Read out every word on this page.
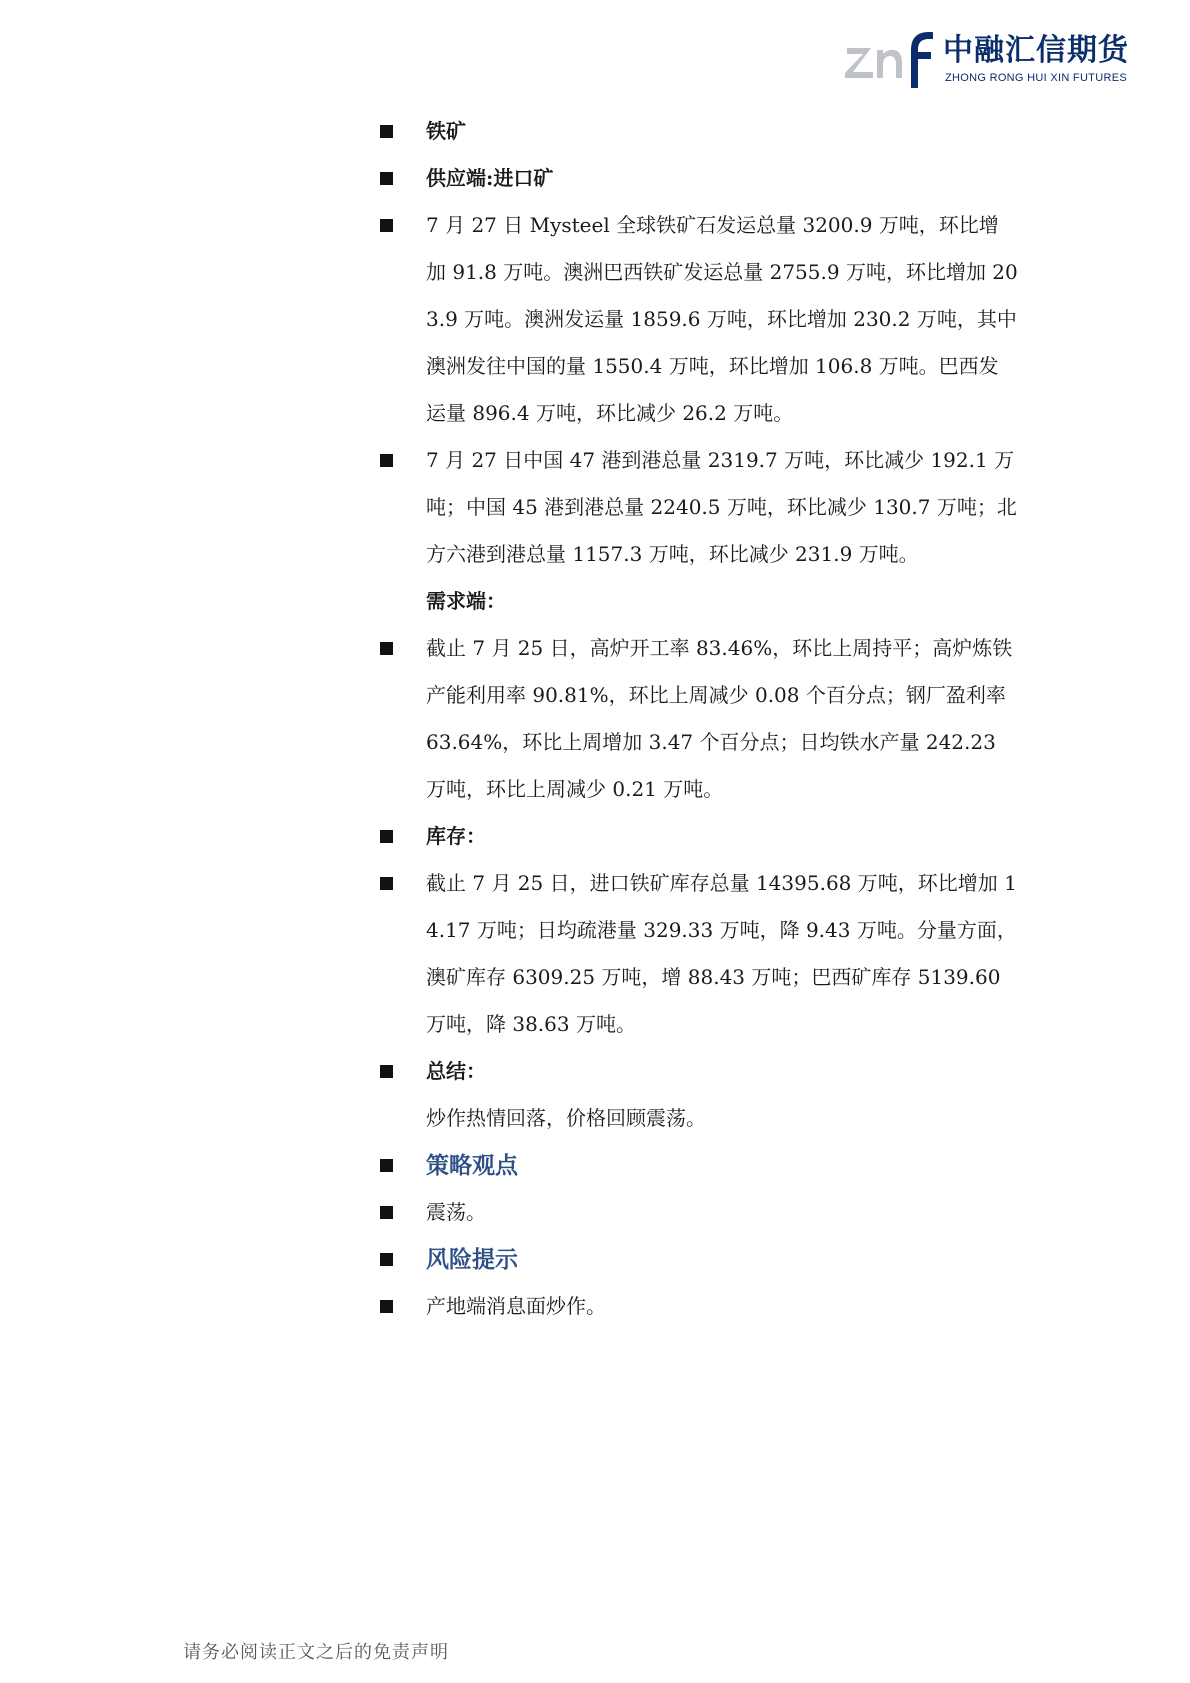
中融汇信期货
ZHONG RONG HUI XIN FUTURES
铁矿
供应端:进口矿
7 月 27 日 Mysteel 全球铁矿石发运总量 3200.9 万吨，环比增加 91.8 万吨。澳洲巴西铁矿发运总量 2755.9 万吨，环比增加 203.9 万吨。澳洲发运量 1859.6 万吨，环比增加 230.2 万吨，其中澳洲发往中国的量 1550.4 万吨，环比增加 106.8 万吨。巴西发运量 896.4 万吨，环比减少 26.2 万吨。
7 月 27 日中国 47 港到港总量 2319.7 万吨，环比减少 192.1 万吨；中国 45 港到港总量 2240.5 万吨，环比减少 130.7 万吨；北方六港到港总量 1157.3 万吨，环比减少 231.9 万吨。
需求端：
截止 7 月 25 日，高炉开工率 83.46%，环比上周持平；高炉炼铁产能利用率 90.81%，环比上周减少 0.08 个百分点；钢厂盈利率 63.64%，环比上周增加 3.47 个百分点；日均铁水产量 242.23 万吨，环比上周减少 0.21 万吨。
库存：
截止 7 月 25 日，进口铁矿库存总量 14395.68 万吨，环比增加 14.17 万吨；日均疏港量 329.33 万吨，降 9.43 万吨。分量方面，澳矿库存 6309.25 万吨，增 88.43 万吨；巴西矿库存 5139.60 万吨，降 38.63 万吨。
总结：
炒作热情回落，价格回顾震荡。
策略观点
震荡。
风险提示
产地端消息面炒作。
请务必阅读正文之后的免责声明
